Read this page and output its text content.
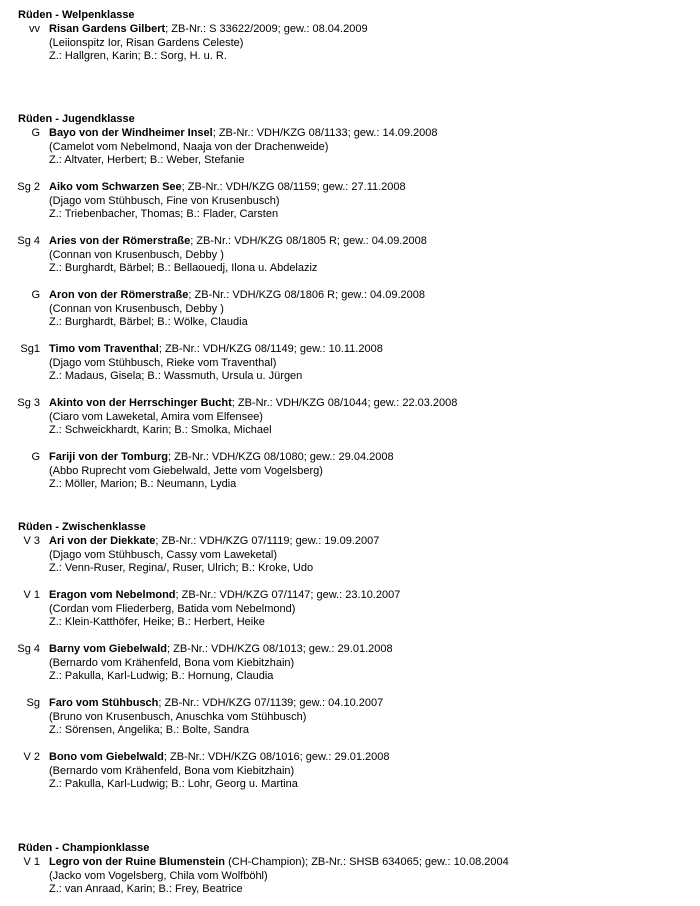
Rüden - Welpenklasse
vv Risan Gardens Gilbert; ZB-Nr.: S 33622/2009; gew.: 08.04.2009
(Leiionspitz Ior, Risan Gardens Celeste)
Z.: Hallgren, Karin; B.: Sorg, H. u. R.
Rüden - Jugendklasse
G Bayo von der Windheimer Insel; ZB-Nr.: VDH/KZG 08/1133; gew.: 14.09.2008
(Camelot vom Nebelmond, Naaja von der Drachenweide)
Z.: Altvater, Herbert; B.: Weber, Stefanie
Sg 2 Aiko vom Schwarzen See; ZB-Nr.: VDH/KZG 08/1159; gew.: 27.11.2008
(Djago vom Stühbusch, Fine von Krusenbusch)
Z.: Triebenbacher, Thomas; B.: Flader, Carsten
Sg 4 Aries von der Römerstraße; ZB-Nr.: VDH/KZG 08/1805 R; gew.: 04.09.2008
(Connan von Krusenbusch, Debby )
Z.: Burghardt, Bärbel; B.: Bellaouedj, Ilona u. Abdelaziz
G Aron von der Römerstraße; ZB-Nr.: VDH/KZG 08/1806 R; gew.: 04.09.2008
(Connan von Krusenbusch, Debby )
Z.: Burghardt, Bärbel; B.: Wölke, Claudia
Sg1 Timo vom Traventhal; ZB-Nr.: VDH/KZG 08/1149; gew.: 10.11.2008
(Djago vom Stühbusch, Rieke vom Traventhal)
Z.: Madaus, Gisela; B.: Wassmuth, Ursula u. Jürgen
Sg 3 Akinto von der Herrschinger Bucht; ZB-Nr.: VDH/KZG 08/1044; gew.: 22.03.2008
(Ciaro vom Laweketal, Amira vom Elfensee)
Z.: Schweickhardt, Karin; B.: Smolka, Michael
G Fariji von der Tomburg; ZB-Nr.: VDH/KZG 08/1080; gew.: 29.04.2008
(Abbo Ruprecht vom Giebelwald, Jette vom Vogelsberg)
Z.: Möller, Marion; B.: Neumann, Lydia
Rüden - Zwischenklasse
V 3 Ari von der Diekkate; ZB-Nr.: VDH/KZG 07/1119; gew.: 19.09.2007
(Djago vom Stühbusch, Cassy vom Laweketal)
Z.: Venn-Ruser, Regina/, Ruser, Ulrich; B.: Kroke, Udo
V 1 Eragon vom Nebelmond; ZB-Nr.: VDH/KZG 07/1147; gew.: 23.10.2007
(Cordan vom Fliederberg, Batida vom Nebelmond)
Z.: Klein-Katthöfer, Heike; B.: Herbert, Heike
Sg 4 Barny vom Giebelwald; ZB-Nr.: VDH/KZG 08/1013; gew.: 29.01.2008
(Bernardo vom Krähenfeld, Bona vom Kiebitzhain)
Z.: Pakulla, Karl-Ludwig; B.: Hornung, Claudia
Sg Faro vom Stühbusch; ZB-Nr.: VDH/KZG 07/1139; gew.: 04.10.2007
(Bruno von Krusenbusch, Anuschka vom Stühbusch)
Z.: Sörensen, Angelika; B.: Bolte, Sandra
V 2 Bono vom Giebelwald; ZB-Nr.: VDH/KZG 08/1016; gew.: 29.01.2008
(Bernardo vom Krähenfeld, Bona vom Kiebitzhain)
Z.: Pakulla, Karl-Ludwig; B.: Lohr, Georg u. Martina
Rüden - Championklasse
V 1 Legro von der Ruine Blumenstein (CH-Champion); ZB-Nr.: SHSB 634065; gew.: 10.08.2004
(Jacko vom Vogelsberg, Chila vom Wolfböhl)
Z.: van Anraad, Karin; B.: Frey, Beatrice
